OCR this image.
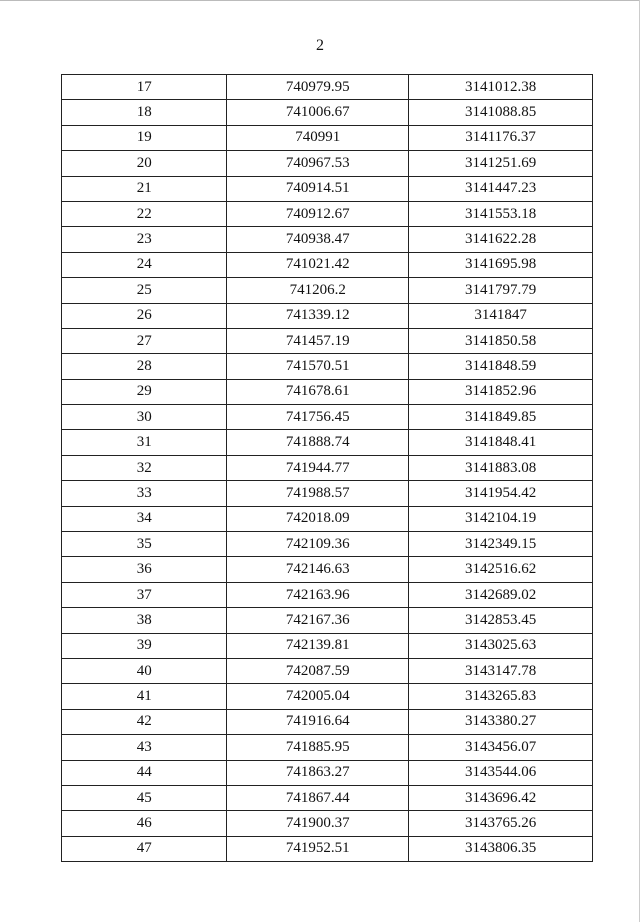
2
17	740979.95	3141012.38
18	741006.67	3141088.85
19	740991	3141176.37
20	740967.53	3141251.69
21	740914.51	3141447.23
22	740912.67	3141553.18
23	740938.47	3141622.28
24	741021.42	3141695.98
25	741206.2	3141797.79
26	741339.12	3141847
27	741457.19	3141850.58
28	741570.51	3141848.59
29	741678.61	3141852.96
30	741756.45	3141849.85
31	741888.74	3141848.41
32	741944.77	3141883.08
33	741988.57	3141954.42
34	742018.09	3142104.19
35	742109.36	3142349.15
36	742146.63	3142516.62
37	742163.96	3142689.02
38	742167.36	3142853.45
39	742139.81	3143025.63
40	742087.59	3143147.78
41	742005.04	3143265.83
42	741916.64	3143380.27
43	741885.95	3143456.07
44	741863.27	3143544.06
45	741867.44	3143696.42
46	741900.37	3143765.26
47	741952.51	3143806.35
